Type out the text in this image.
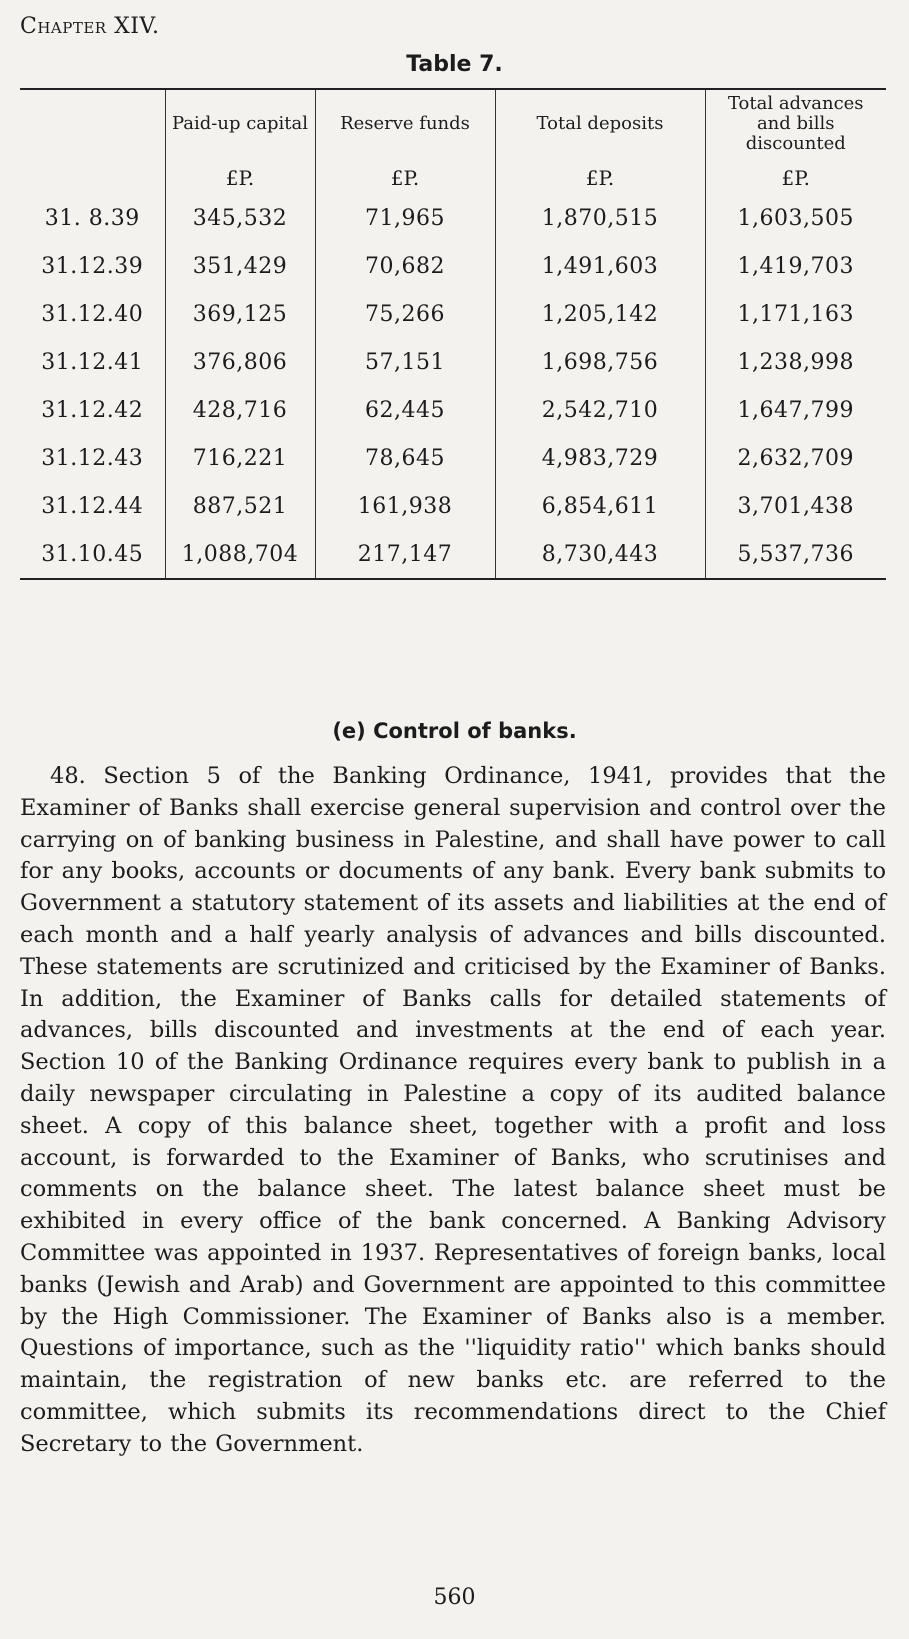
Chapter XIV.
Table 7.
	Paid-up capital	Reserve funds	Total deposits	Total advances and bills discounted
	£P.	£P.	£P.	£P.
31. 8.39	345,532	71,965	1,870,515	1,603,505
31.12.39	351,429	70,682	1,491,603	1,419,703
31.12.40	369,125	75,266	1,205,142	1,171,163
31.12.41	376,806	57,151	1,698,756	1,238,998
31.12.42	428,716	62,445	2,542,710	1,647,799
31.12.43	716,221	78,645	4,983,729	2,632,709
31.12.44	887,521	161,938	6,854,611	3,701,438
31.10.45	1,088,704	217,147	8,730,443	5,537,736
(e) Control of banks.
48. Section 5 of the Banking Ordinance, 1941, provides that the Examiner of Banks shall exercise general supervision and control over the carrying on of banking business in Palestine, and shall have power to call for any books, accounts or documents of any bank. Every bank submits to Government a statutory statement of its assets and liabilities at the end of each month and a half yearly analysis of advances and bills discounted. These statements are scrutinized and criticised by the Examiner of Banks. In addition, the Examiner of Banks calls for detailed statements of advances, bills discounted and investments at the end of each year. Section 10 of the Banking Ordinance requires every bank to publish in a daily newspaper circulating in Palestine a copy of its audited balance sheet. A copy of this balance sheet, together with a profit and loss account, is forwarded to the Examiner of Banks, who scrutinises and comments on the balance sheet. The latest balance sheet must be exhibited in every office of the bank concerned. A Banking Advisory Committee was appointed in 1937. Representatives of foreign banks, local banks (Jewish and Arab) and Government are appointed to this committee by the High Commissioner. The Examiner of Banks also is a member. Questions of importance, such as the ''liquidity ratio'' which banks should maintain, the registration of new banks etc. are referred to the committee, which submits its recommendations direct to the Chief Secretary to the Government.
560
